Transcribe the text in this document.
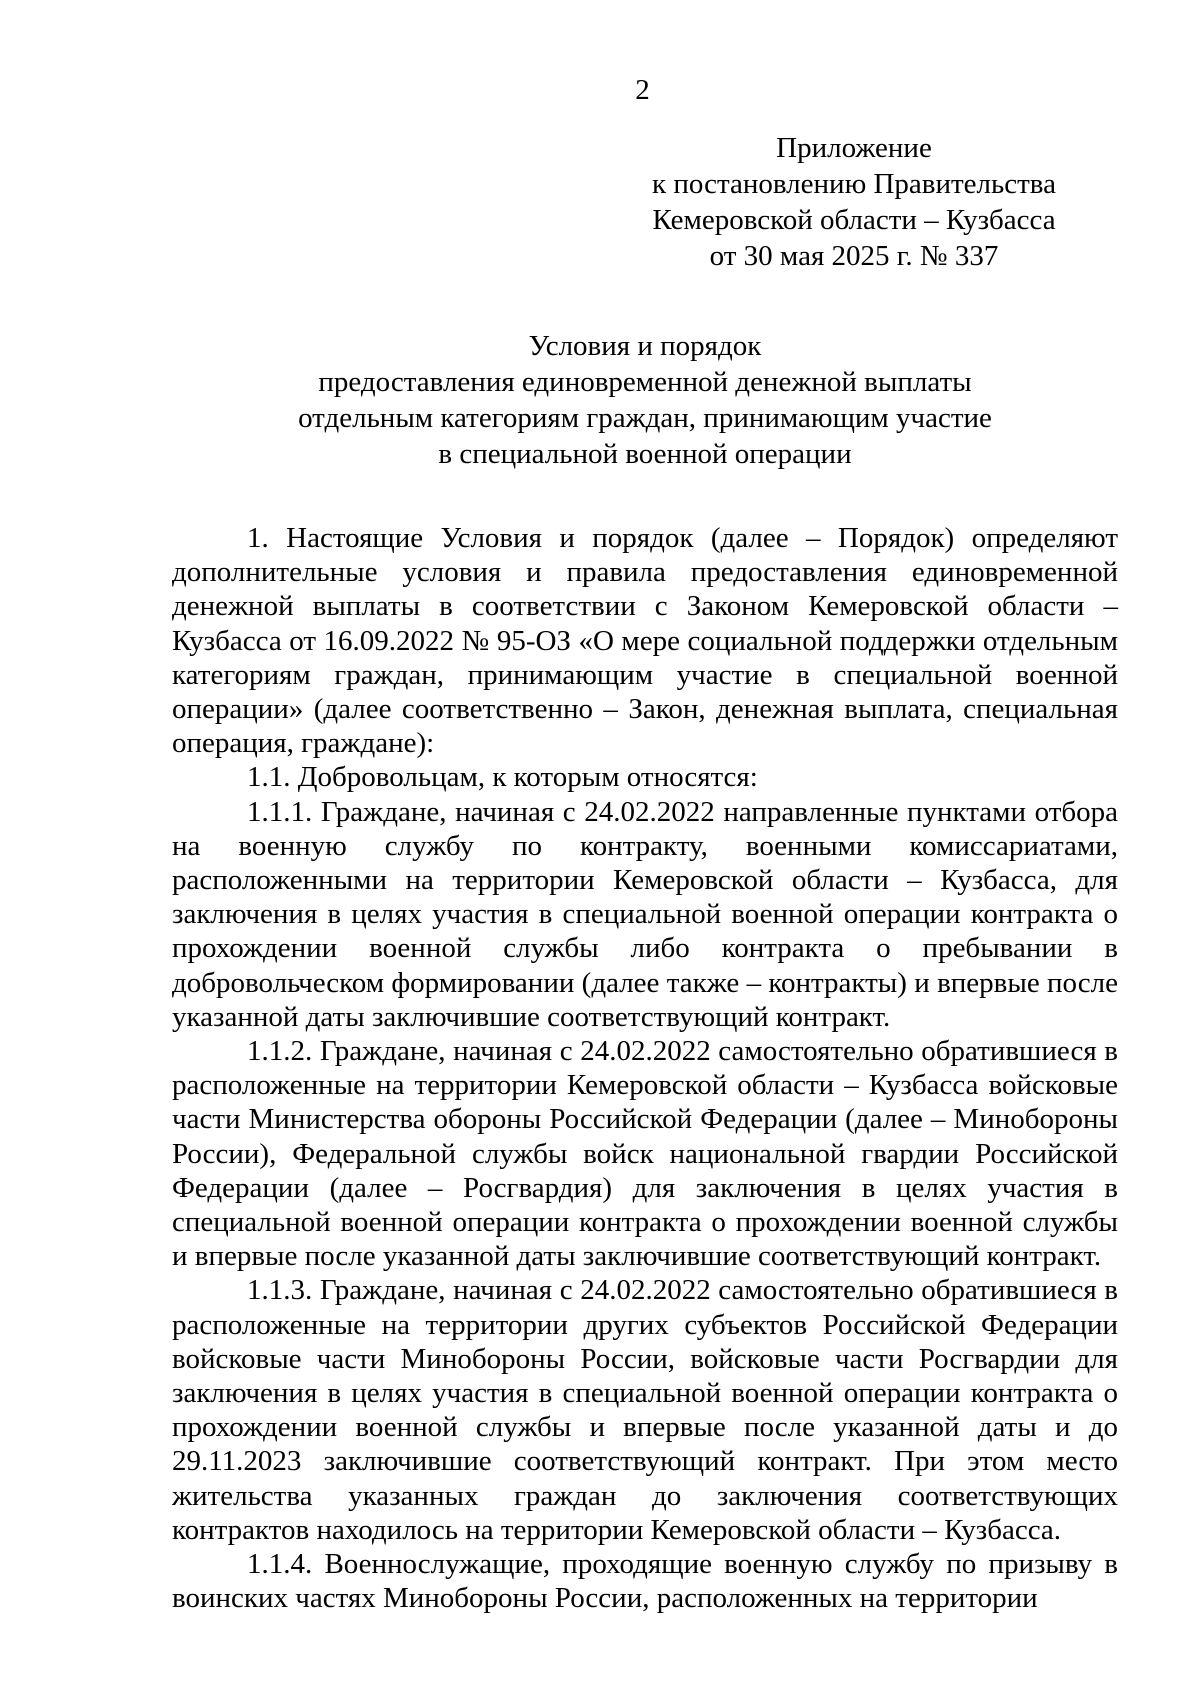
2
Приложение
к постановлению Правительства
Кемеровской области – Кузбасса
от 30 мая 2025 г. № 337
Условия и порядок
предоставления единовременной денежной выплаты
отдельным категориям граждан, принимающим участие
в специальной военной операции

1. Настоящие Условия и порядок (далее – Порядок) определяют дополнительные условия и правила предоставления единовременной денежной выплаты в соответствии с Законом Кемеровской области – Кузбасса от 16.09.2022 № 95-ОЗ «О мере социальной поддержки отдельным категориям граждан, принимающим участие в специальной военной операции» (далее соответственно – Закон, денежная выплата, специальная операция, граждане):

1.1. Добровольцам, к которым относятся:

1.1.1. Граждане, начиная с 24.02.2022 направленные пунктами отбора на военную службу по контракту, военными комиссариатами, расположенными на территории Кемеровской области – Кузбасса, для заключения в целях участия в специальной военной операции контракта о прохождении военной службы либо контракта о пребывании в добровольческом формировании (далее также – контракты) и впервые после указанной даты заключившие соответствующий контракт.

1.1.2. Граждане, начиная с 24.02.2022 самостоятельно обратившиеся в расположенные на территории Кемеровской области – Кузбасса войсковые части Министерства обороны Российской Федерации (далее – Минобороны России), Федеральной службы войск национальной гвардии Российской Федерации (далее – Росгвардия) для заключения в целях участия в специальной военной операции контракта о прохождении военной службы и впервые после указанной даты заключившие соответствующий контракт.

1.1.3. Граждане, начиная с 24.02.2022 самостоятельно обратившиеся в расположенные на территории других субъектов Российской Федерации войсковые части Минобороны России, войсковые части Росгвардии для заключения в целях участия в специальной военной операции контракта о прохождении военной службы и впервые после указанной даты и до 29.11.2023 заключившие соответствующий контракт. При этом место жительства указанных граждан до заключения соответствующих контрактов находилось на территории Кемеровской области – Кузбасса.

1.1.4. Военнослужащие, проходящие военную службу по призыву в воинских частях Минобороны России, расположенных на территории
